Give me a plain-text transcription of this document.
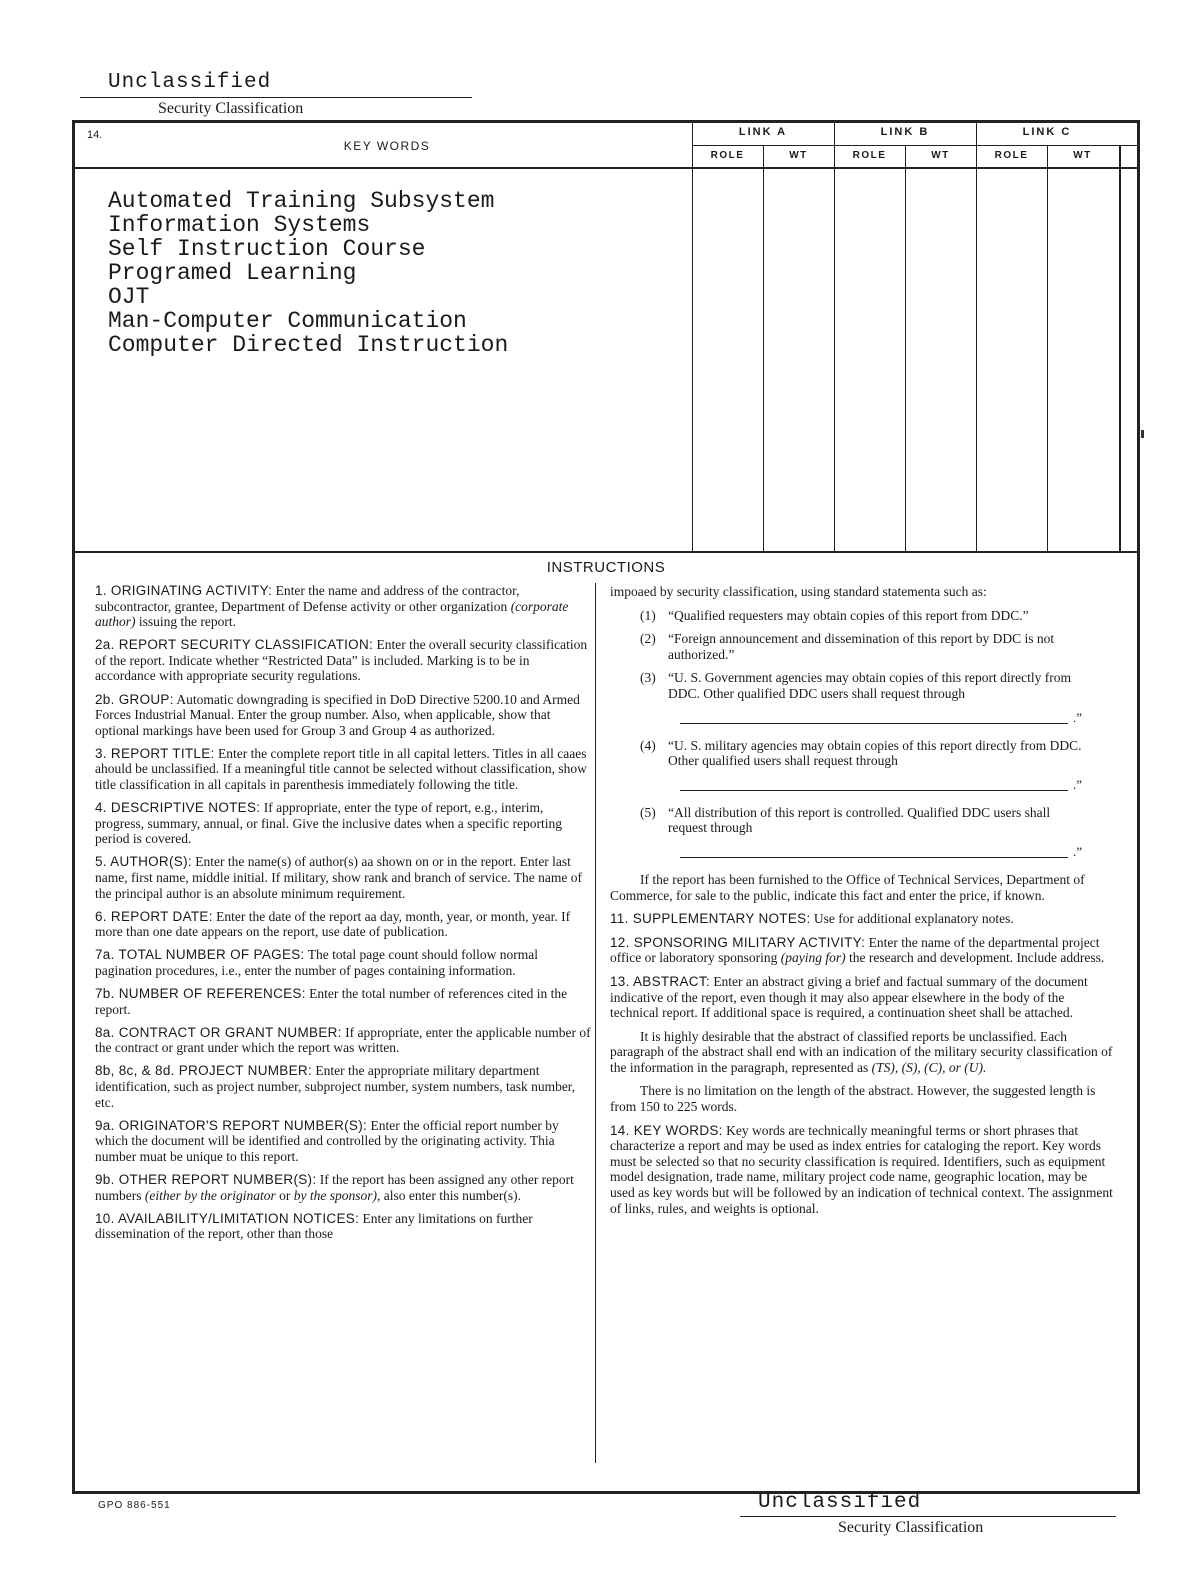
Unclassified
Security Classification
14.
KEY WORDS
LINK A	LINK B	LINK C
ROLE	WT	ROLE	WT	ROLE	WT
Automated Training Subsystem
Information Systems
Self Instruction Course
Programed Learning
OJT
Man-Computer Communication
Computer Directed Instruction
INSTRUCTIONS

1. ORIGINATING ACTIVITY: Enter the name and address of the contractor, subcontractor, grantee, Department of Defense activity or other organization (corporate author) issuing the report.

2a. REPORT SECURITY CLASSIFICATION: Enter the overall security classification of the report. Indicate whether “Restricted Data” is included. Marking is to be in accordance with appropriate security regulations.

2b. GROUP: Automatic downgrading is specified in DoD Directive 5200.10 and Armed Forces Industrial Manual. Enter the group number. Also, when applicable, show that optional markings have been used for Group 3 and Group 4 as authorized.

3. REPORT TITLE: Enter the complete report title in all capital letters. Titles in all caaes ahould be unclassified. If a meaningful title cannot be selected without classification, show title classification in all capitals in parenthesis immediately following the title.

4. DESCRIPTIVE NOTES: If appropriate, enter the type of report, e.g., interim, progress, summary, annual, or final. Give the inclusive dates when a specific reporting period is covered.

5. AUTHOR(S): Enter the name(s) of author(s) aa shown on or in the report. Enter last name, first name, middle initial. If military, show rank and branch of service. The name of the principal author is an absolute minimum requirement.

6. REPORT DATE: Enter the date of the report aa day, month, year, or month, year. If more than one date appears on the report, use date of publication.

7a. TOTAL NUMBER OF PAGES: The total page count should follow normal pagination procedures, i.e., enter the number of pages containing information.

7b. NUMBER OF REFERENCES: Enter the total number of references cited in the report.

8a. CONTRACT OR GRANT NUMBER: If appropriate, enter the applicable number of the contract or grant under which the report was written.

8b, 8c, & 8d. PROJECT NUMBER: Enter the appropriate military department identification, such as project number, subproject number, system numbers, task number, etc.

9a. ORIGINATOR'S REPORT NUMBER(S): Enter the official report number by which the document will be identified and controlled by the originating activity. Thia number muat be unique to this report.

9b. OTHER REPORT NUMBER(S): If the report has been assigned any other report numbers (either by the originator or by the sponsor), also enter this number(s).

10. AVAILABILITY/LIMITATION NOTICES: Enter any limitations on further dissemination of the report, other than those

impoaed by security classification, using standard statementa such as:
(1) “Qualified requesters may obtain copies of this report from DDC.”
(2) “Foreign announcement and dissemination of this report by DDC is not authorized.”
(3) “U. S. Government agencies may obtain copies of this report directly from DDC. Other qualified DDC users shall request through
.”
(4) “U. S. military agencies may obtain copies of this report directly from DDC. Other qualified users shall request through
.”
(5) “All distribution of this report is controlled. Qualified DDC users shall request through
.”

If the report has been furnished to the Office of Technical Services, Department of Commerce, for sale to the public, indicate this fact and enter the price, if known.

11. SUPPLEMENTARY NOTES: Use for additional explanatory notes.

12. SPONSORING MILITARY ACTIVITY: Enter the name of the departmental project office or laboratory sponsoring (paying for) the research and development. Include address.

13. ABSTRACT: Enter an abstract giving a brief and factual summary of the document indicative of the report, even though it may also appear elsewhere in the body of the technical report. If additional space is required, a continuation sheet shall be attached.

It is highly desirable that the abstract of classified reports be unclassified. Each paragraph of the abstract shall end with an indication of the military security classification of the information in the paragraph, represented as (TS), (S), (C), or (U).

There is no limitation on the length of the abstract. However, the suggested length is from 150 to 225 words.

14. KEY WORDS: Key words are technically meaningful terms or short phrases that characterize a report and may be used as index entries for cataloging the report. Key words must be selected so that no security classification is required. Identifiers, such as equipment model designation, trade name, military project code name, geographic location, may be used as key words but will be followed by an indication of technical context. The assignment of links, rules, and weights is optional.

GPO 886-551	Unclassified
Security Classification
